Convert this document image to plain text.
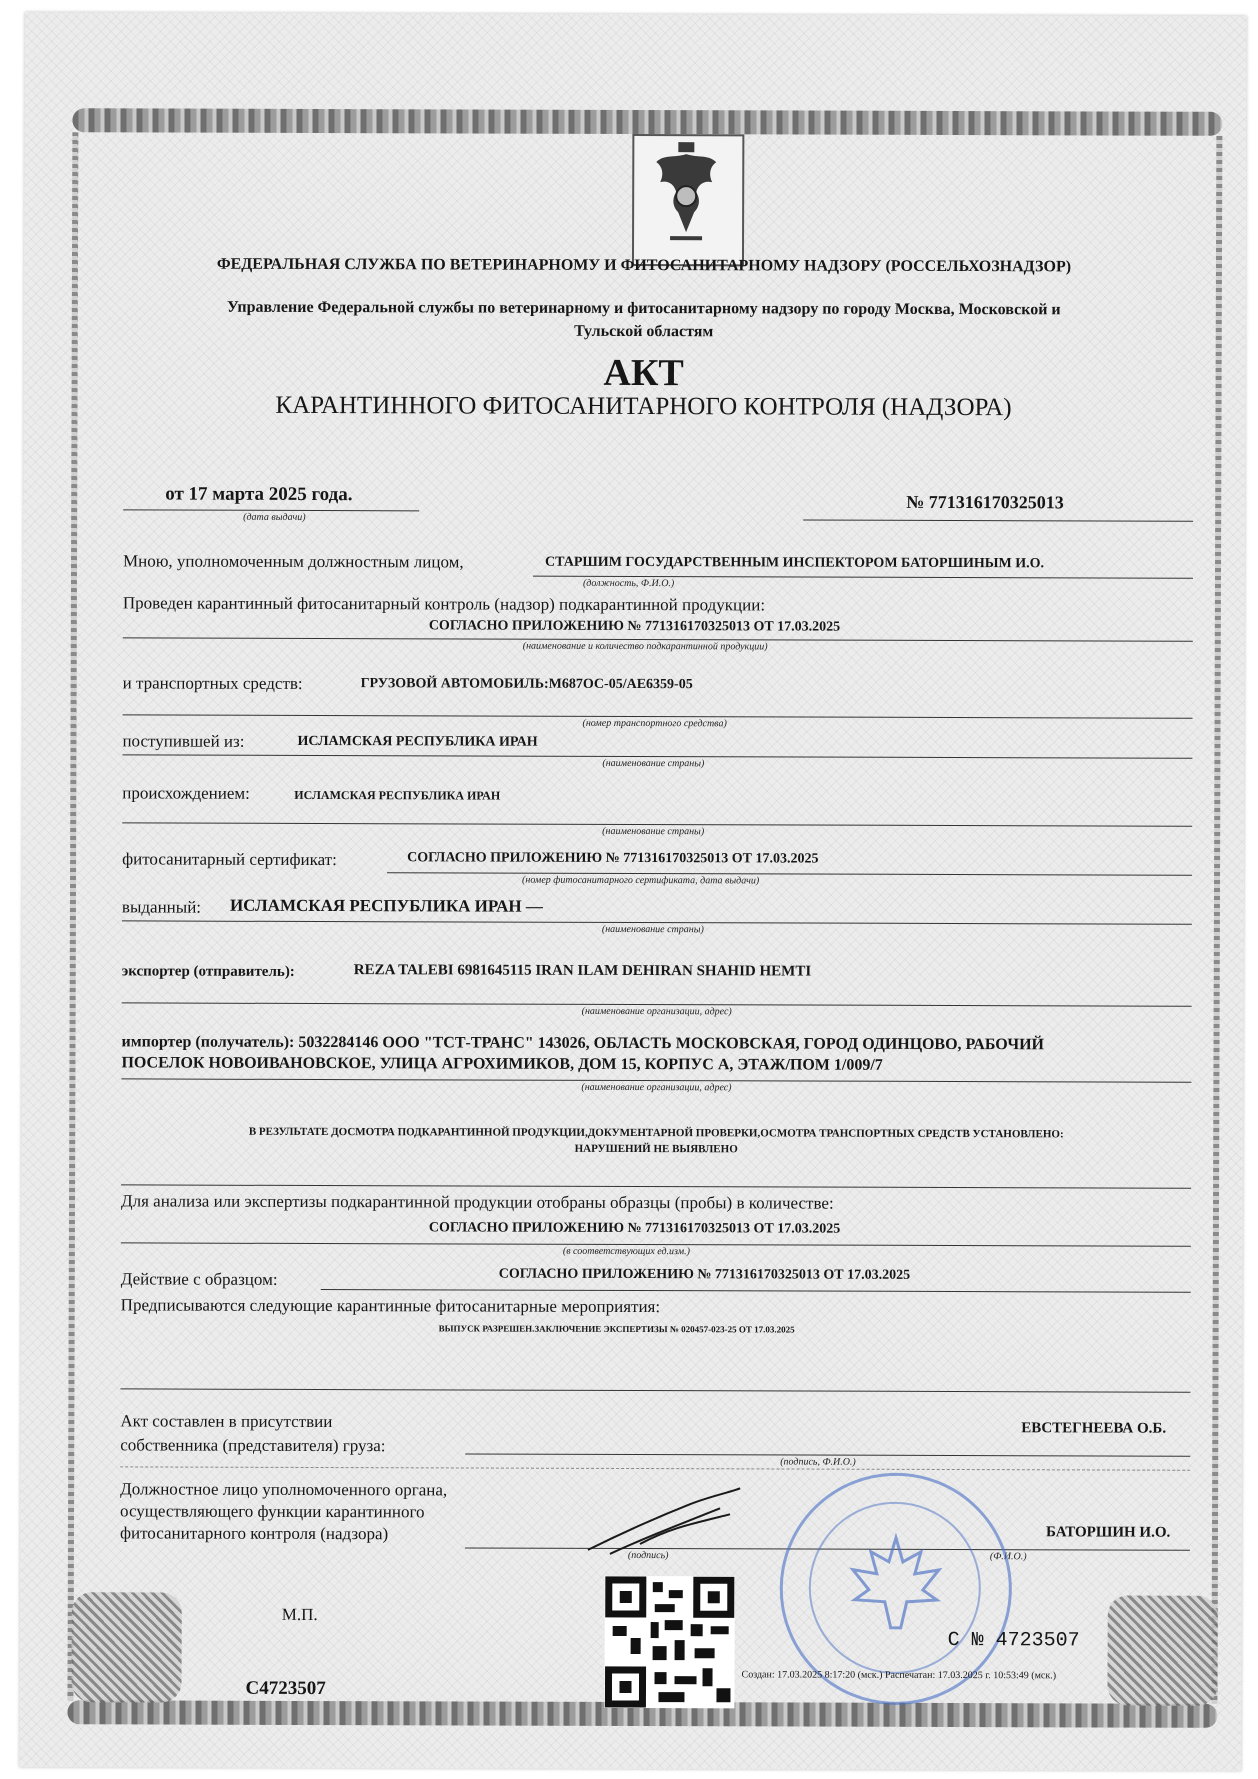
ФЕДЕРАЛЬНАЯ СЛУЖБА ПО ВЕТЕРИНАРНОМУ И ФИТОСАНИТАРНОМУ НАДЗОРУ (РОССЕЛЬХОЗНАДЗОР)
Управление Федеральной службы по ветеринарному и фитосанитарному надзору по городу Москва, Московской и
Тульской областям
АКТ
КАРАНТИННОГО ФИТОСАНИТАРНОГО КОНТРОЛЯ (НАДЗОРА)
от 17 марта 2025 года.
(дата выдачи)
№ 771316170325013
Мною, уполномоченным должностным лицом,	СТАРШИМ ГОСУДАРСТВЕННЫМ ИНСПЕКТОРОМ БАТОРШИНЫМ И.О.
(должность, Ф.И.О.)
Проведен карантинный фитосанитарный контроль (надзор) подкарантинной продукции:
СОГЛАСНО ПРИЛОЖЕНИЮ № 771316170325013 ОТ 17.03.2025
(наименование и количество подкарантинной продукции)
и транспортных средств:	ГРУЗОВОЙ АВТОМОБИЛЬ:М687ОС-05/АЕ6359-05
(номер транспортного средства)
поступившей из:	ИСЛАМСКАЯ РЕСПУБЛИКА ИРАН
(наименование страны)
происхождением:	ИСЛАМСКАЯ РЕСПУБЛИКА ИРАН
(наименование страны)
фитосанитарный сертификат:	СОГЛАСНО ПРИЛОЖЕНИЮ № 771316170325013 ОТ 17.03.2025
(номер фитосанитарного сертификата, дата выдачи)
выданный: ИСЛАМСКАЯ РЕСПУБЛИКА ИРАН —
(наименование страны)
экспортер (отправитель):	REZA TALEBI 6981645115 IRAN ILAM DEHIRAN SHAHID HEMTI
(наименование организации, адрес)
импортер (получатель): 5032284146 ООО "ТСТ-ТРАНС" 143026, ОБЛАСТЬ МОСКОВСКАЯ, ГОРОД ОДИНЦОВО, РАБОЧИЙ
ПОСЕЛОК НОВОИВАНОВСКОЕ, УЛИЦА АГРОХИМИКОВ, ДОМ 15, КОРПУС А, ЭТАЖ/ПОМ 1/009/7
(наименование организации, адрес)
В РЕЗУЛЬТАТЕ ДОСМОТРА ПОДКАРАНТИННОЙ ПРОДУКЦИИ,ДОКУМЕНТАРНОЙ ПРОВЕРКИ,ОСМОТРА ТРАНСПОРТНЫХ СРЕДСТВ УСТАНОВЛЕНО:
НАРУШЕНИЙ НЕ ВЫЯВЛЕНО
Для анализа или экспертизы подкарантинной продукции отобраны образцы (пробы) в количестве:
СОГЛАСНО ПРИЛОЖЕНИЮ № 771316170325013 ОТ 17.03.2025
(в соответствующих ед.изм.)
Действие с образцом:	СОГЛАСНО ПРИЛОЖЕНИЮ № 771316170325013 ОТ 17.03.2025
Предписываются следующие карантинные фитосанитарные мероприятия:
ВЫПУСК РАЗРЕШЕН.ЗАКЛЮЧЕНИЕ ЭКСПЕРТИЗЫ № 020457-023-25 ОТ 17.03.2025
Акт составлен в присутствии
собственника (представителя) груза:
ЕВСТЕГНЕЕВА О.Б.
(подпись, Ф.И.О.)
Должностное лицо уполномоченного органа,
осуществляющего функции карантинного
фитосанитарного контроля (надзора)	БАТОРШИН И.О.
(подпись)	(Ф.И.О.)
М.П.
С4723507
С № 4723507
Создан: 17.03.2025 8:17:20 (мск.) Распечатан: 17.03.2025 г. 10:53:49 (мск.)
